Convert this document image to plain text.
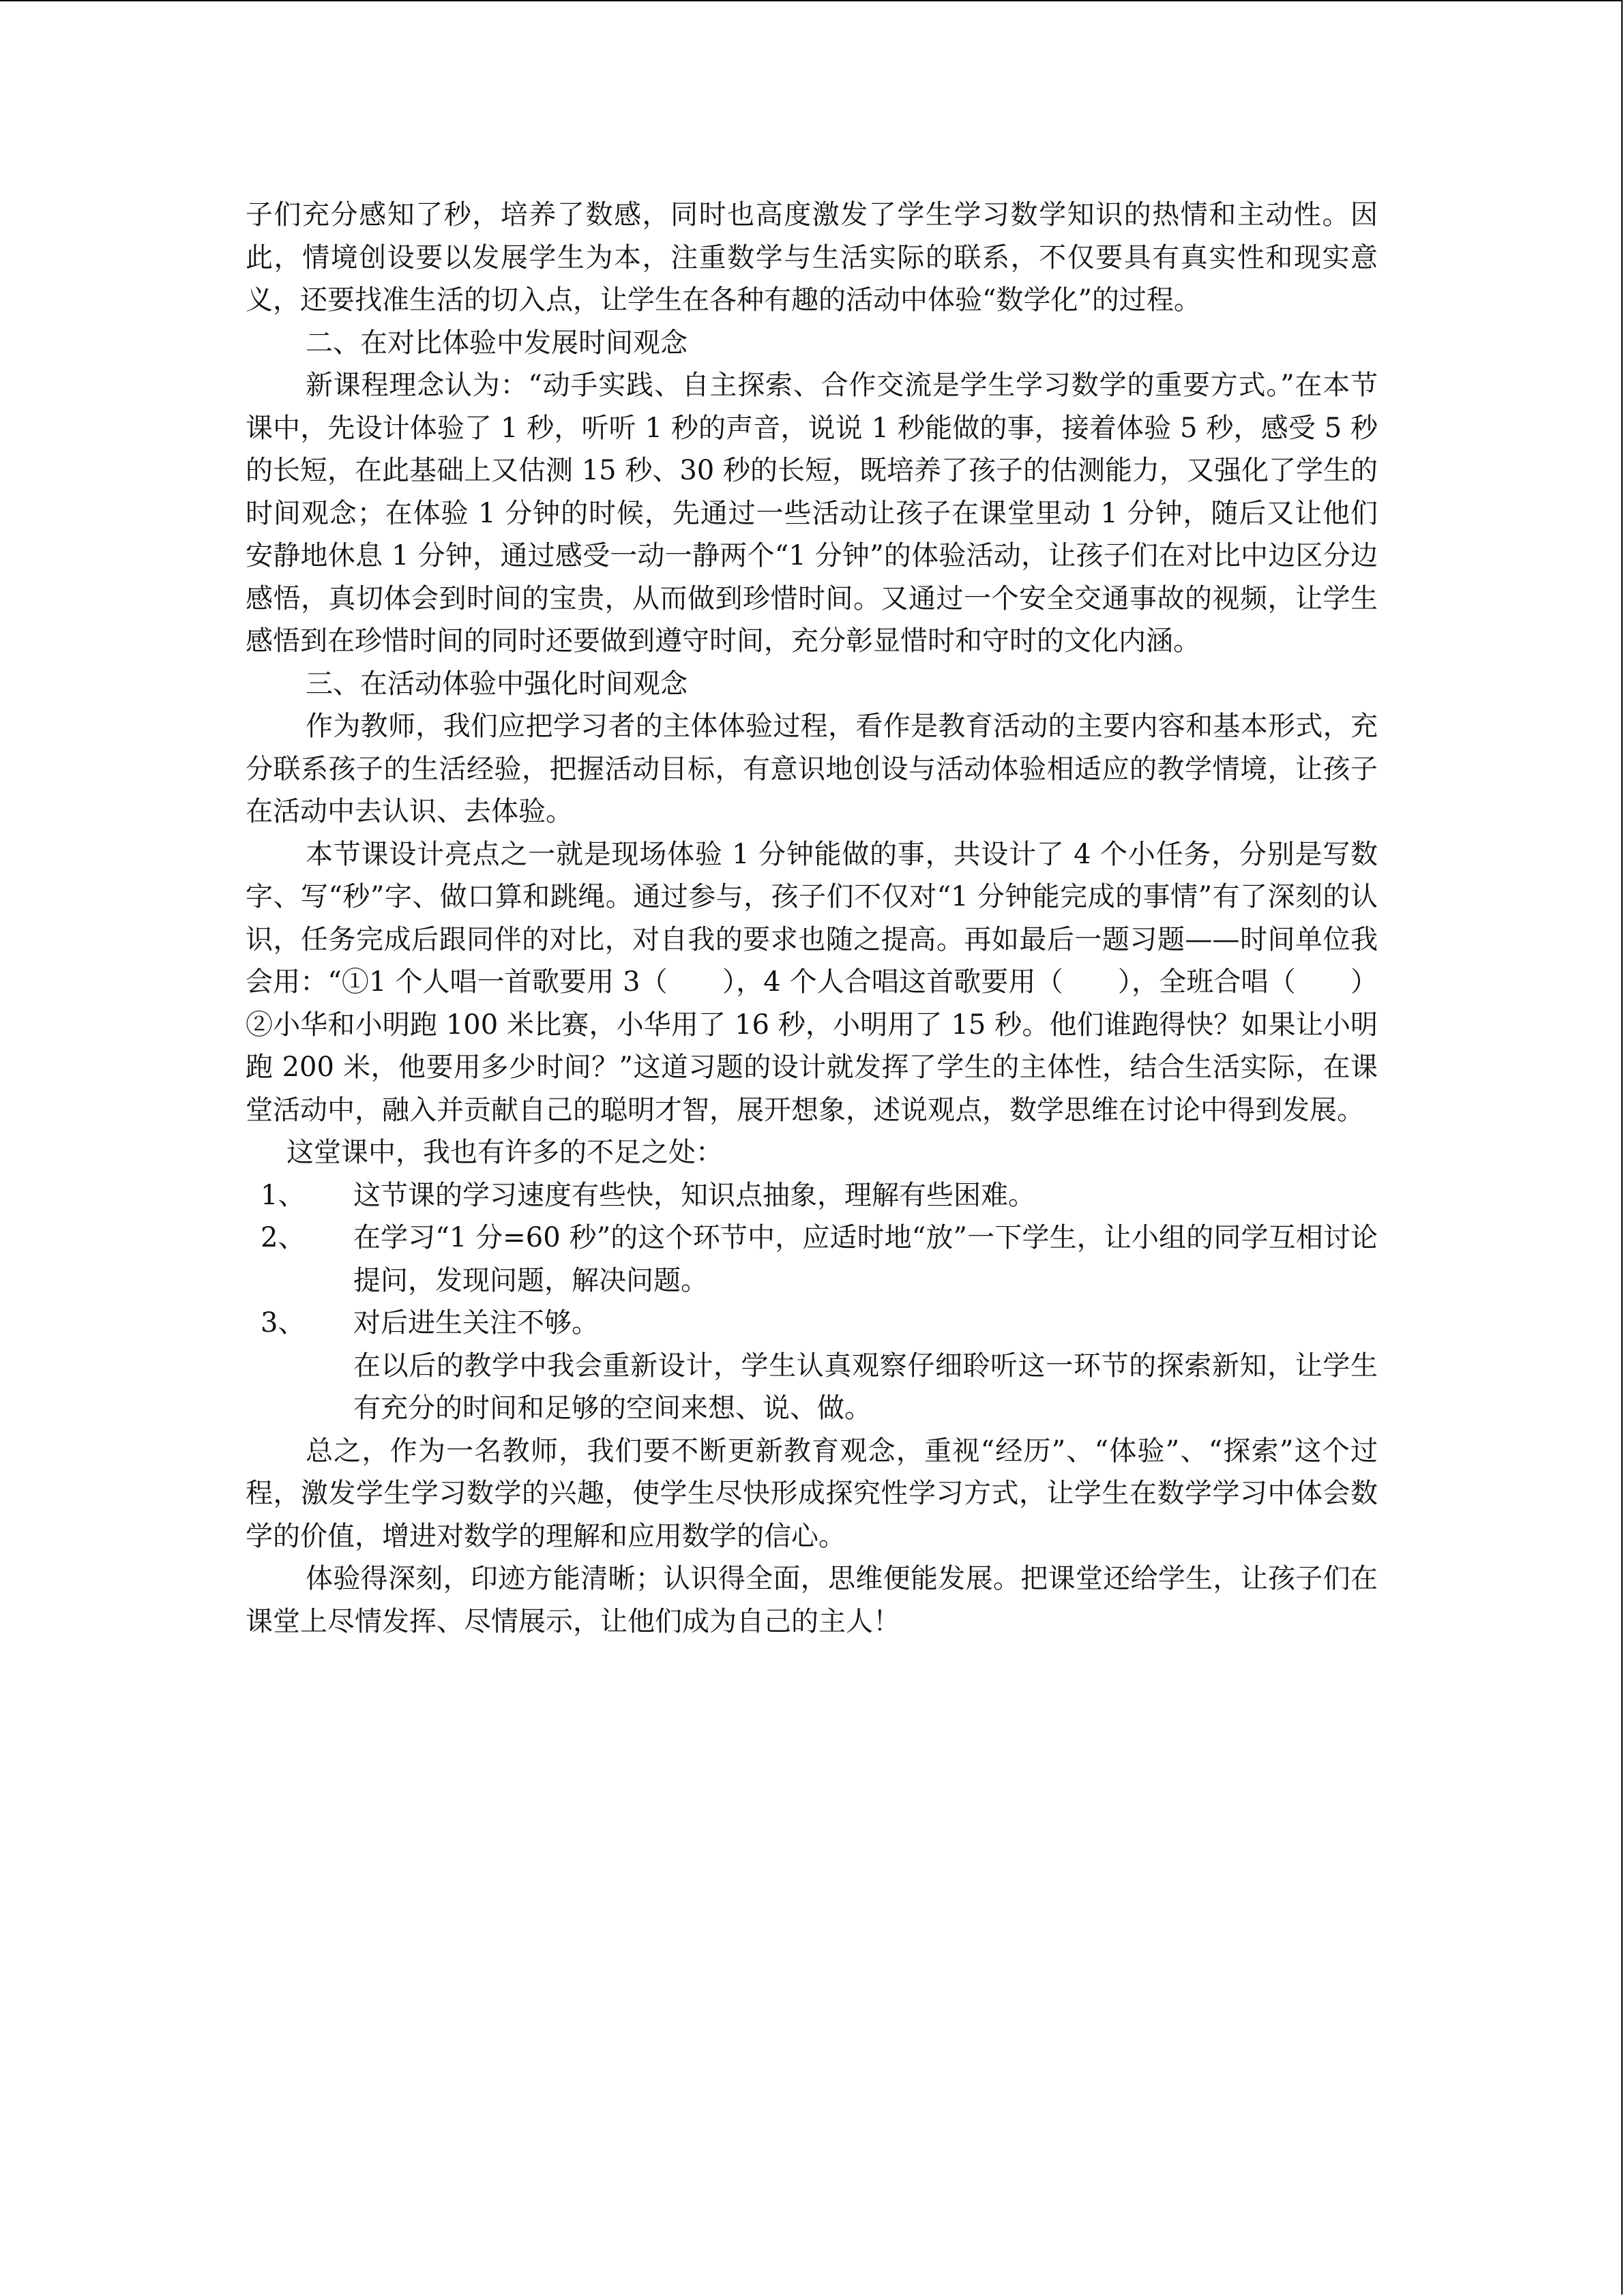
子们充分感知了秒，培养了数感，同时也高度激发了学生学习数学知识的热情和主动性。因此，情境创设要以发展学生为本，注重数学与生活实际的联系，不仅要具有真实性和现实意义，还要找准生活的切入点，让学生在各种有趣的活动中体验“数学化”的过程。

二、在对比体验中发展时间观念

新课程理念认为：“动手实践、自主探索、合作交流是学生学习数学的重要方式。”在本节课中，先设计体验了 1 秒，听听 1 秒的声音，说说 1 秒能做的事，接着体验 5 秒，感受 5 秒的长短，在此基础上又估测 15 秒、30 秒的长短，既培养了孩子的估测能力，又强化了学生的时间观念；在体验 1 分钟的时候，先通过一些活动让孩子在课堂里动 1 分钟，随后又让他们安静地休息 1 分钟，通过感受一动一静两个“1 分钟”的体验活动，让孩子们在对比中边区分边感悟，真切体会到时间的宝贵，从而做到珍惜时间。又通过一个安全交通事故的视频，让学生感悟到在珍惜时间的同时还要做到遵守时间，充分彰显惜时和守时的文化内涵。

三、在活动体验中强化时间观念

作为教师，我们应把学习者的主体体验过程，看作是教育活动的主要内容和基本形式，充分联系孩子的生活经验，把握活动目标，有意识地创设与活动体验相适应的教学情境，让孩子在活动中去认识、去体验。

本节课设计亮点之一就是现场体验 1 分钟能做的事，共设计了 4 个小任务，分别是写数字、写“秒”字、做口算和跳绳。通过参与，孩子们不仅对“1 分钟能完成的事情”有了深刻的认识，任务完成后跟同伴的对比，对自我的要求也随之提高。再如最后一题习题——时间单位我会用：“①1 个人唱一首歌要用 3（　　），4 个人合唱这首歌要用（　　），全班合唱（　　）②小华和小明跑 100 米比赛，小华用了 16 秒，小明用了 15 秒。他们谁跑得快？如果让小明跑 200 米，他要用多少时间？”这道习题的设计就发挥了学生的主体性，结合生活实际，在课堂活动中，融入并贡献自己的聪明才智，展开想象，述说观点，数学思维在讨论中得到发展。

这堂课中，我也有许多的不足之处：

1、	这节课的学习速度有些快，知识点抽象，理解有些困难。

2、	在学习“1 分=60 秒”的这个环节中，应适时地“放”一下学生，让小组的同学互相讨论提问，发现问题，解决问题。

3、	对后进生关注不够。

在以后的教学中我会重新设计，学生认真观察仔细聆听这一环节的探索新知，让学生有充分的时间和足够的空间来想、说、做。

总之，作为一名教师，我们要不断更新教育观念，重视“经历”、“体验”、“探索”这个过程，激发学生学习数学的兴趣，使学生尽快形成探究性学习方式，让学生在数学学习中体会数学的价值，增进对数学的理解和应用数学的信心。

体验得深刻，印迹方能清晰；认识得全面，思维便能发展。把课堂还给学生，让孩子们在课堂上尽情发挥、尽情展示，让他们成为自己的主人！
